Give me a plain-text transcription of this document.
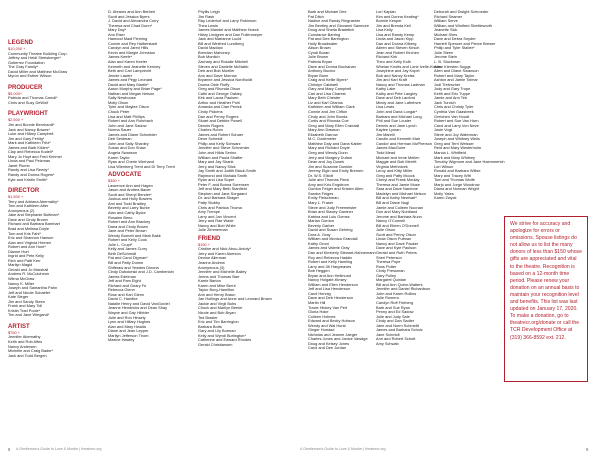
LEGEND
$10,000 +
Community Theatre Building Corp.
Jeffrey and Heidi Streisberger*
Gutierrez Foundation
The Gray Family*
David Miller and Matthew McGraw
Myron and Esther Wilson
PRODUCER
$5,000+
Patricia and Thomas Carroll*
Chris and Suzy DeWolf
PLAYWRIGHT
$2,500 +
Jim and Bonnie Bernhardt*
Jack and Nancy Bowes*
Luke and Hillary Campbell
Jim and Gary Fehlig*
Mark and Kathleen Fritz*
James and Barb Kiklen*
Clay and Rebecca Kodell*
Mary Jo Hoyt and Fred Kimmel
Linda and Paul Pelzman
Janet Plumb
Randy and Lisa Reedy*
Randy and Donna Rogers*
Kyle and Kristin Smith*
DIRECTOR
$1,500 +
Terry and Adriana Abernathy*
Tom and Kathleen Alter
Anonymous (2)
Jake and Stephanie Bultman*
Dave and Cindy Brown
Richard and Barbara Barnhart
Brad and Melissa Doyle
Tom and Kris Fahl*
Eric and Shannon Hanson
Alan and Virginia Heeren
Robert and Ann Hunt*
Dianne Hurt
Ingrid and Pete Kelly
Rich and Patti Kerr
Marilyn Magid
Gerald and Jo Marshall
Andrew R. McCutcheon
Wilma McGraw
Nancy K. Miller
Joseph and Samantha Pahn
Jeff and Nicole Schaefer
Kate Sieger
Jim and Sandy Steen
Frank and Mary Toll
Kristin Trad Poole*
Tim and Jane Wiegand*
ARTIST
$750 +
Jennifer Abernathy
Keith and Rob Alfes
Nancy Andersen
Michelle and Craig Bader*
Jack and Todd Bergen
D. Abrams and Ann Berberi
Scott and Jessica Byers
J. David and Alexandra Corry
Theresa and Chad Dunn*
Mary Day*
Ann Eiser
Hamood Madi Fleming
Connie and Rey Halberstadt
Carolyn and Jared Hills
Kevin and Margie Johnston
James Keefe*
Alan and Karen Keeler
Kenneth and Jeanette Kenney
Beth and Carl Lamprecht
Jennie Lawler
James and Pegy Leonard
David and Mary Martin*
Aaron Murphy and Brian Page*
Nathan and Megan Nelson
Sally Newhouse
Molly Olson
Tyler and Maylee Olson
Chuck Peter
Lisa and Matt Phillips
Robert and Ann Rohrbach
John and Jane Sadow
Norma Sauer
James and Diane Schneider
Deb Seldman
John and Sally Shanley
Susan and Don Shaw
Angela Swanson
Karen Taylor
Ryan and Cherie Werhand
Lisa Wienberg Trent and Di Terry Trent
ADVOCATE
$350 +
Lawrence Ann and Hagen
Jason and Andrea Bauer
Scott and Sheryl Bender*
Joshua and Holly Bowers
Ami and Todd Bradley
Beverly and Larry Burke
Alan and Cathy Bydor
Rosalee Beno
Robert and Ann Brackey
Dana and Cindy Brown
Jane and Peter Brown
Wendy Burnett and Mark Bakk
Robert and Kelly Cook
Julie L. Crupt*
Kelly and James Curry
Beth DeSchmidt
Pat and Carol Digman*
Bill and Patty Dumm
Shiferaw and Yewdes Dinoria
Cindy Dubokeski and J.D. Camberlain
James Edelman
Jeff and Pam Eight
Richard and Geary Fe
Rebecca Glenn
Rose and Karl Glenn
David C. Hardtke
Natalie Henry and David VanGordel
Jeanne Hendricks and Dean Shay
Wayne and Gay Hibbler
Julie and Ron Hinsely
Lynn and Hillary Hughes
Alan and Mary Hwalla
Diane and Jean Lepper
Marilyn Jefferson Thom
Maxine Hawley
Phyllis Leigh
Jim Rash
Ray Lederhof and Larry Robinson
Thea Lewis
James Mandel and Matthew Hoeck
Hilary Lindgren and Dan Fullenmeyer
Jack and Marianne Lucid
Bill and Winifred Lundberg
David Maddox
Brendan Mahoney
Bob Montich
Zachary and Rosalie Mitchell
Steven and Danielle McNabb
Deb and Bob Moeller
Ann and Dave Morrow
Bryanne and Jessica Nordholdt
Donna Olde Fluffy
Greg and Rhonda Olson
Cathi and George Oakley
Kirk and Laura Paulsen
Arthur and Heather Pohl
Amanda and Cian Pevick
Cindy Pickens
Dan and Penny Rogers
Stuart and Debbie Powell
Dennis Rogers
Charles Rohm
James and Robert Schaer
Dene Schmidt
Philip and Kelly Schwarz
Jennifer and Steve Schnerder
John and Hilda Serino
William and Paula Shaffer
Mary and Jay Shank
Jerry and Nancy Slick
Jay Smith and Judith Black-Smith
Raymond and Mahala Smith
Ryan and Lisa Soper
Peter F. and Bonna Sorensen
Jeff and Mary Beth Stanfield
Stephen and Jane Sorgaard
Dr. and Barbara Skager
Patty Stubby
Chris and Patricia Thoma
Amy Trempe
Larry and Jan Vincent
Jerry and Rae Wade
Nancy and Bob White
Julie Zimmerman
FRIEND
$150 +
Cristine and Nick Abou-Antoly*
Jerry and Karen Akerson
Denise Allerman
Jeanne Andrew
Anonymous (3)
Jennifer and Michelle Bailey
Jenna and Thomas Barr
Karrie Barton
Karen and Mike Bernt
Taylor Borg-Hamilton
Ann and Henry Braun
Jan Hollings and Anne and Leonard Brown
Jackie and Virgil Bubs
Chuck and Marilyn Beeler
Nicole and Bob Bryan
Ted Brasler
Eric and Tim Barrington
Barbara Botts
Gary and Lily Burman
Kelly and Wyndi Burlington*
Catherine and Edward Rhodes
Gerald Christiansen
Barb and Michael Dee
Pat Ditch
Nadine and Randy Ringrasher
Jim Bentley and Giovanni Sanmore
Doug and Sheila Bradetich
Constance Barring
Pat and Dee Barrington
Holly Broadwater
Alison Brown
Cyndi Buran
Julie Brown
Patricia Bryan
Dave and Donna Buchanan
Anthony Bucino
Bryan Bunn
Craig and Kellie Byers*
Christyn Caldwell
Gary and Mary Campbell
Carl and Lisa Charest
Mary Beth Chester
Liz and Karl Citarius
Kathleen and William Clark
Connie and Jim Clifton
Cindy and John Bonda
Curtis and Rhonda Coe
Greg and Mary Ellen Crandall
Mary Ann Dawson
Elizabeth Darrow
M.C. Dodemeier
Matthew Daly and Dana Kabler
Mary and Richard Doyle
Greg and Wendy Dunn
Jerry and Margery Dutton
Dean and Joy Dusek
Jim and Suzanne Dunkler
Jeremy Elgin and Emily Bremen
Dr. W.S. Elliott
Julie and Thomas Fleck
Amy and Kris Engstrom
Gordon Felger and Kristen Allen
Sandra Feiges
Emily Fleischman
Mary L. Fraser
Steve and Judy Freemeister
Brian and Stacey Gardner
Katrina and Luis Gomez
Marian Gordon
Beverly Garber
David and Susan Gehring
Dora A. Gray
William and Monica Grandall
Kathy Groot
James and Valerie Gray
Dan and Kimberly Stewart-Hahnemann
Roy and Rebecca Haddix
Robert and Kelly Hamling
Larry and Jill Hargreaves
Bob Heggen
Bryan and Ann Hellmund
Nancy Holgate-Kinsey
William and Ellen Henderson
Jeff and Lisa Henderson
Carol Hennig
Dave and Deb Henderson
Martin Hill
Tracie Hickey Van Pelt
Gloria Hoke
Colleen Holmes
Edward and Becky Hobson
Wendy and Wal Hurst
Ginger Hurstad
Nicholas and Jeanne Jaeger
Charles Jones and Janice Vawdge
Doug and Kelsey Jones
Carol and Dee Jordan
Lori Kaplan
Kim and Donna Keating*
Bonnie Kesper
Jim and Brenda Keil
Lisa Kelly
Lisa and Randy Kemp
Linda and Jason Kipp
Dan and Donna Kilberg
Aileen and Steven Kirsch
Jean and Robert Kirchen
Richard Kirk
Theo and Kelly Kolb
Whelan Knotts and Lorie Ivelle-Knotts
Josephine and Jay Kopel
Bob and Nancy Kreiss
Jim and Kari Kraft
Nancy and Thomas Ladman
Kathy Lake
Kathy and Pete Langley
Dave and Deb Lanford
Mindy and Jane Lafrebvre
Lisa Lewis
John and Dana Longar*
Barbara and Michael Long
Phil and Sue Louder
Dennis and Jane Lynch
Kaylee Lyman
Jim Marelli
Carolin and Kenneth Mair
Candor and Herman McPherson
James MacGuire
Todd Mead
Michael and Irene Mellen
Maggie and Bob Merritt
Virginia Methnicek
Leroy and Kitty Miller
Greg and Patty Moock
Cheryl and Frank Moulay
Theresa and Jamie Muse
Sara and Dave Nardone
Madelyn and Michael Nelson
Bill and Kathy Newhart*
Bill and Diane Nogl
Jamie and Colleen Noonan
Don and Mary Nordland
Jerome and Barbara Nunn
Nancy O'Connell
Bill and Eileen O'Donnell
Julie Olson
Scott and Penny Olson
Linda Olson Putman
Nancy and Dave Pauker
Dave and Kyle Paulson
Gerald and Ruth Peters
Sheri Peterson
Theresa Pope
Ross Potter
Cindy Pressman
Gary Pulley
Margaret Quinlan
Bill and Ann Quinn-Watters
Jennifer and Daniel Richardson
John and Karen Rollins
Julie Romero
Carolyn Ruff Frieberg
Barb and Sue Ryan
Penny and Ed Sadow
Julie and Judy Sale
Cindy and Dan Sadler
Jane and Norm Schmidtt
James and Barbara Scholz
Jane Schmidt
Ann and Robert Schutt
Amy Schwab
Deborah and Dwight Schroeder
Richard Seamer
William Serve
William and Winifred Shettleworth
Jeanette Sick
Michael Sims
Dave and Debra Snyder
Harriett Spencer and Pierce Brewer
Philip and Tyler Staber*
Julie Steen
Jerome Stein
L. B. Stuckman
Anne Kiersten Suggs
Allen and Diane Swanson
Robert and Mary Taylor
Ashton and Jamie Tolmar
Jodi Trefzscher
Judy and Gary Trope
Keith and Eric Tuppe
Jamie and Ann Teb
Jack Turcich
Chris and Christy Tyler
Cynthia Van Gaasbeek
Gretchen Van Houdt
Robert and Sue Van Horn
Carol and Larry Von Neve
Josie Vogt
Steve and Joy Waterman
Joseph and Whitney Wells
Greg and Terri Weisser
Reid and Mary Westerholm
Marcia L. Whitfield
Mark and Mary Whitney
Timothy Wigmore and Jane Haemmerich
Lori Wilson
Ronald and Barbara Wiltse
Mary and Tracey Witt
Tom and Thomas Wolfe
Marjo and Jorge Woodrow
Diana and Norman Wright
Molly Yates
Karen Zwyck
We strive for accuracy and apologize for errors or omissions. Spouse listings do not allow us to list the many donors of less than $150 whose gifts are appreciated and vital to the theatre. Recognition is based on a 12-month time period. Please renew your donation on an annual basis to maintain your recognition level and benefits. This list was last updated on January 17, 2020. To make a donation, go to theatrecr.org/donate or call the TCR Development Office at (319) 366-8592 ext. 212.
8 A Gentleman's Guide to Love & Murder | theatrecr.org	A Gentleman's Guide to Love & Murder | theatrecr.org	9
